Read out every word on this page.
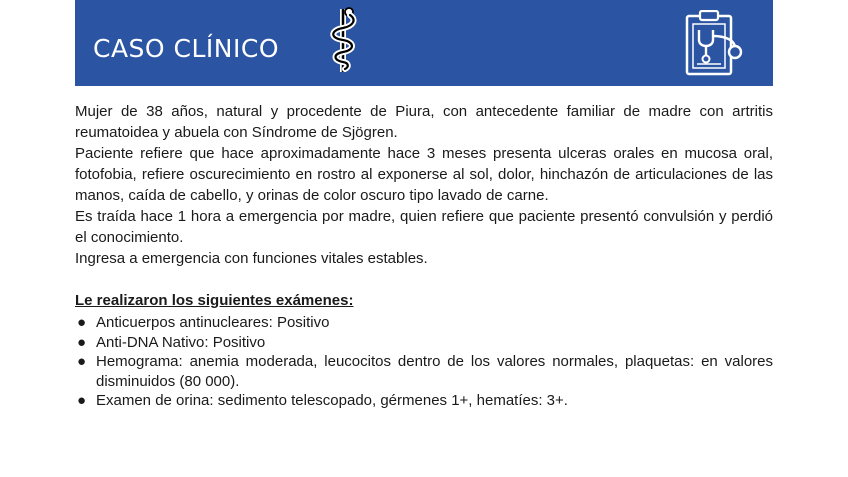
CASO CLÍNICO

Mujer de 38 años, natural y procedente de Piura, con antecedente familiar de madre con artritis reumatoidea y abuela con Síndrome de Sjögren.

Paciente refiere que hace aproximadamente hace 3 meses presenta ulceras orales en mucosa oral, fotofobia, refiere oscurecimiento en rostro al exponerse al sol, dolor, hinchazón de articulaciones de las manos, caída de cabello, y orinas de color oscuro tipo lavado de carne.

Es traída hace 1 hora a emergencia por madre, quien refiere que paciente presentó convulsión y perdió el conocimiento.

Ingresa a emergencia con funciones vitales estables.

Le realizaron los siguientes exámenes:

● Anticuerpos antinucleares: Positivo
● Anti-DNA Nativo: Positivo
● Hemograma: anemia moderada, leucocitos dentro de los valores normales, plaquetas: en valores disminuidos (80 000).
● Examen de orina: sedimento telescopado, gérmenes 1+, hematíes: 3+.
